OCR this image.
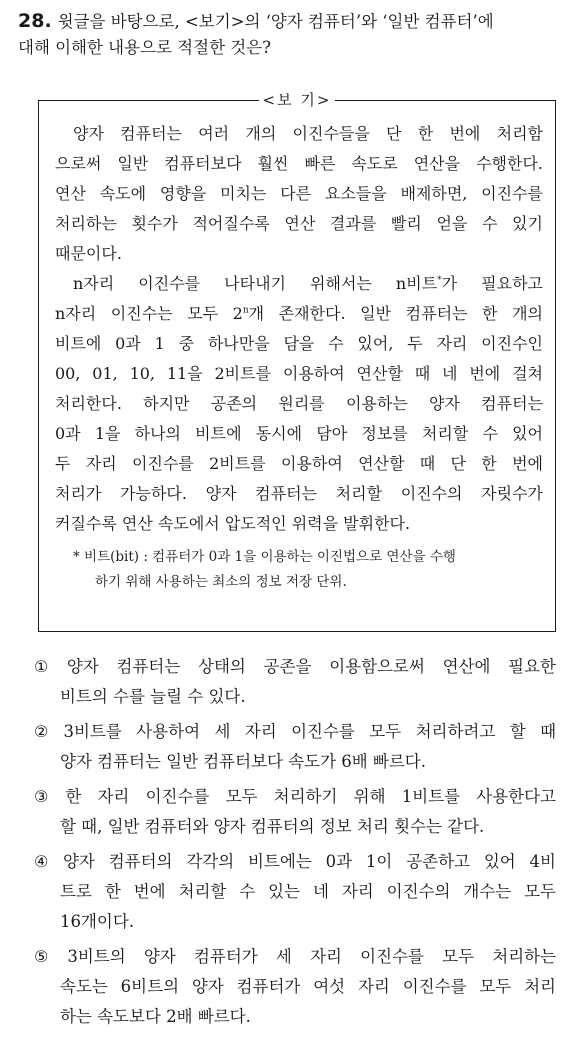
28. 윗글을 바탕으로, <보기>의 ‘양자 컴퓨터’와 ‘일반 컴퓨터’에
대해 이해한 내용으로 적절한 것은?
<보 기>
양자 컴퓨터는 여러 개의 이진수들을 단 한 번에 처리함
으로써 일반 컴퓨터보다 훨씬 빠른 속도로 연산을 수행한다.
연산 속도에 영향을 미치는 다른 요소들을 배제하면, 이진수를
처리하는 횟수가 적어질수록 연산 결과를 빨리 얻을 수 있기
때문이다.
n자리 이진수를 나타내기 위해서는 n비트*가 필요하고
n자리 이진수는 모두 2$^n$개 존재한다. 일반 컴퓨터는 한 개의
비트에 0과 1 중 하나만을 담을 수 있어, 두 자리 이진수인
00, 01, 10, 11을 2비트를 이용하여 연산할 때 네 번에 걸쳐
처리한다. 하지만 공존의 원리를 이용하는 양자 컴퓨터는
0과 1을 하나의 비트에 동시에 담아 정보를 처리할 수 있어
두 자리 이진수를 2비트를 이용하여 연산할 때 단 한 번에
처리가 가능하다. 양자 컴퓨터는 처리할 이진수의 자릿수가
커질수록 연산 속도에서 압도적인 위력을 발휘한다.
* 비트(bit) : 컴퓨터가 0과 1을 이용하는 이진법으로 연산을 수행
하기 위해 사용하는 최소의 정보 저장 단위.
① 양자 컴퓨터는 상태의 공존을 이용함으로써 연산에 필요한
비트의 수를 늘릴 수 있다.
② 3비트를 사용하여 세 자리 이진수를 모두 처리하려고 할 때
양자 컴퓨터는 일반 컴퓨터보다 속도가 6배 빠르다.
③ 한 자리 이진수를 모두 처리하기 위해 1비트를 사용한다고
할 때, 일반 컴퓨터와 양자 컴퓨터의 정보 처리 횟수는 같다.
④ 양자 컴퓨터의 각각의 비트에는 0과 1이 공존하고 있어 4비
트로 한 번에 처리할 수 있는 네 자리 이진수의 개수는 모두
16개이다.
⑤ 3비트의 양자 컴퓨터가 세 자리 이진수를 모두 처리하는
속도는 6비트의 양자 컴퓨터가 여섯 자리 이진수를 모두 처리
하는 속도보다 2배 빠르다.
